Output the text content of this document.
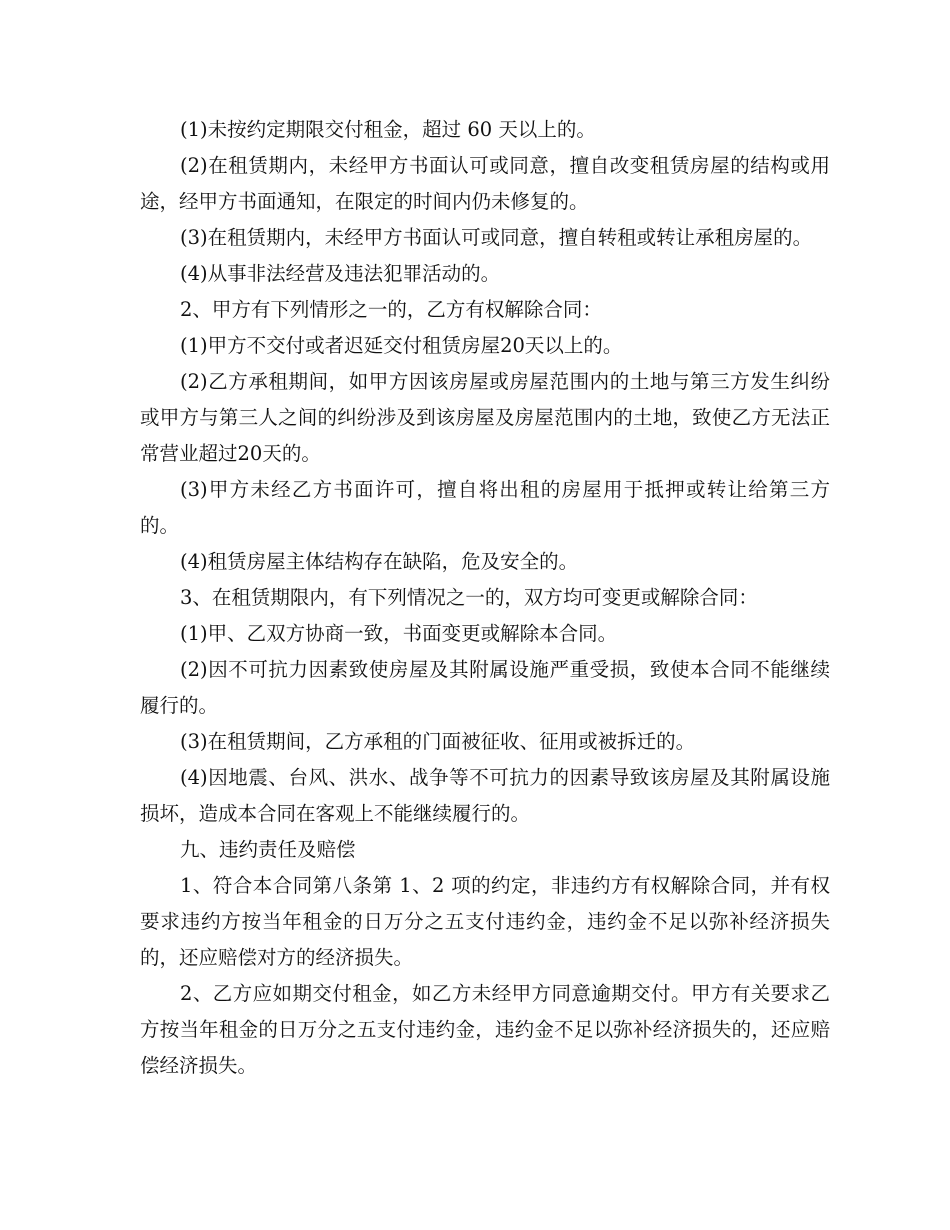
(1)未按约定期限交付租金，超过 60 天以上的。

(2)在租赁期内，未经甲方书面认可或同意，擅自改变租赁房屋的结构或用途，经甲方书面通知，在限定的时间内仍未修复的。

(3)在租赁期内，未经甲方书面认可或同意，擅自转租或转让承租房屋的。

(4)从事非法经营及违法犯罪活动的。

2、甲方有下列情形之一的，乙方有权解除合同：

(1)甲方不交付或者迟延交付租赁房屋20天以上的。

(2)乙方承租期间，如甲方因该房屋或房屋范围内的土地与第三方发生纠纷或甲方与第三人之间的纠纷涉及到该房屋及房屋范围内的土地，致使乙方无法正常营业超过20天的。

(3)甲方未经乙方书面许可，擅自将出租的房屋用于抵押或转让给第三方的。

(4)租赁房屋主体结构存在缺陷，危及安全的。

3、在租赁期限内，有下列情况之一的，双方均可变更或解除合同：

(1)甲、乙双方协商一致，书面变更或解除本合同。

(2)因不可抗力因素致使房屋及其附属设施严重受损，致使本合同不能继续履行的。

(3)在租赁期间，乙方承租的门面被征收、征用或被拆迁的。

(4)因地震、台风、洪水、战争等不可抗力的因素导致该房屋及其附属设施损坏，造成本合同在客观上不能继续履行的。

九、违约责任及赔偿

1、符合本合同第八条第 1、2 项的约定，非违约方有权解除合同，并有权要求违约方按当年租金的日万分之五支付违约金，违约金不足以弥补经济损失的，还应赔偿对方的经济损失。

2、乙方应如期交付租金，如乙方未经甲方同意逾期交付。甲方有关要求乙方按当年租金的日万分之五支付违约金，违约金不足以弥补经济损失的，还应赔偿经济损失。
